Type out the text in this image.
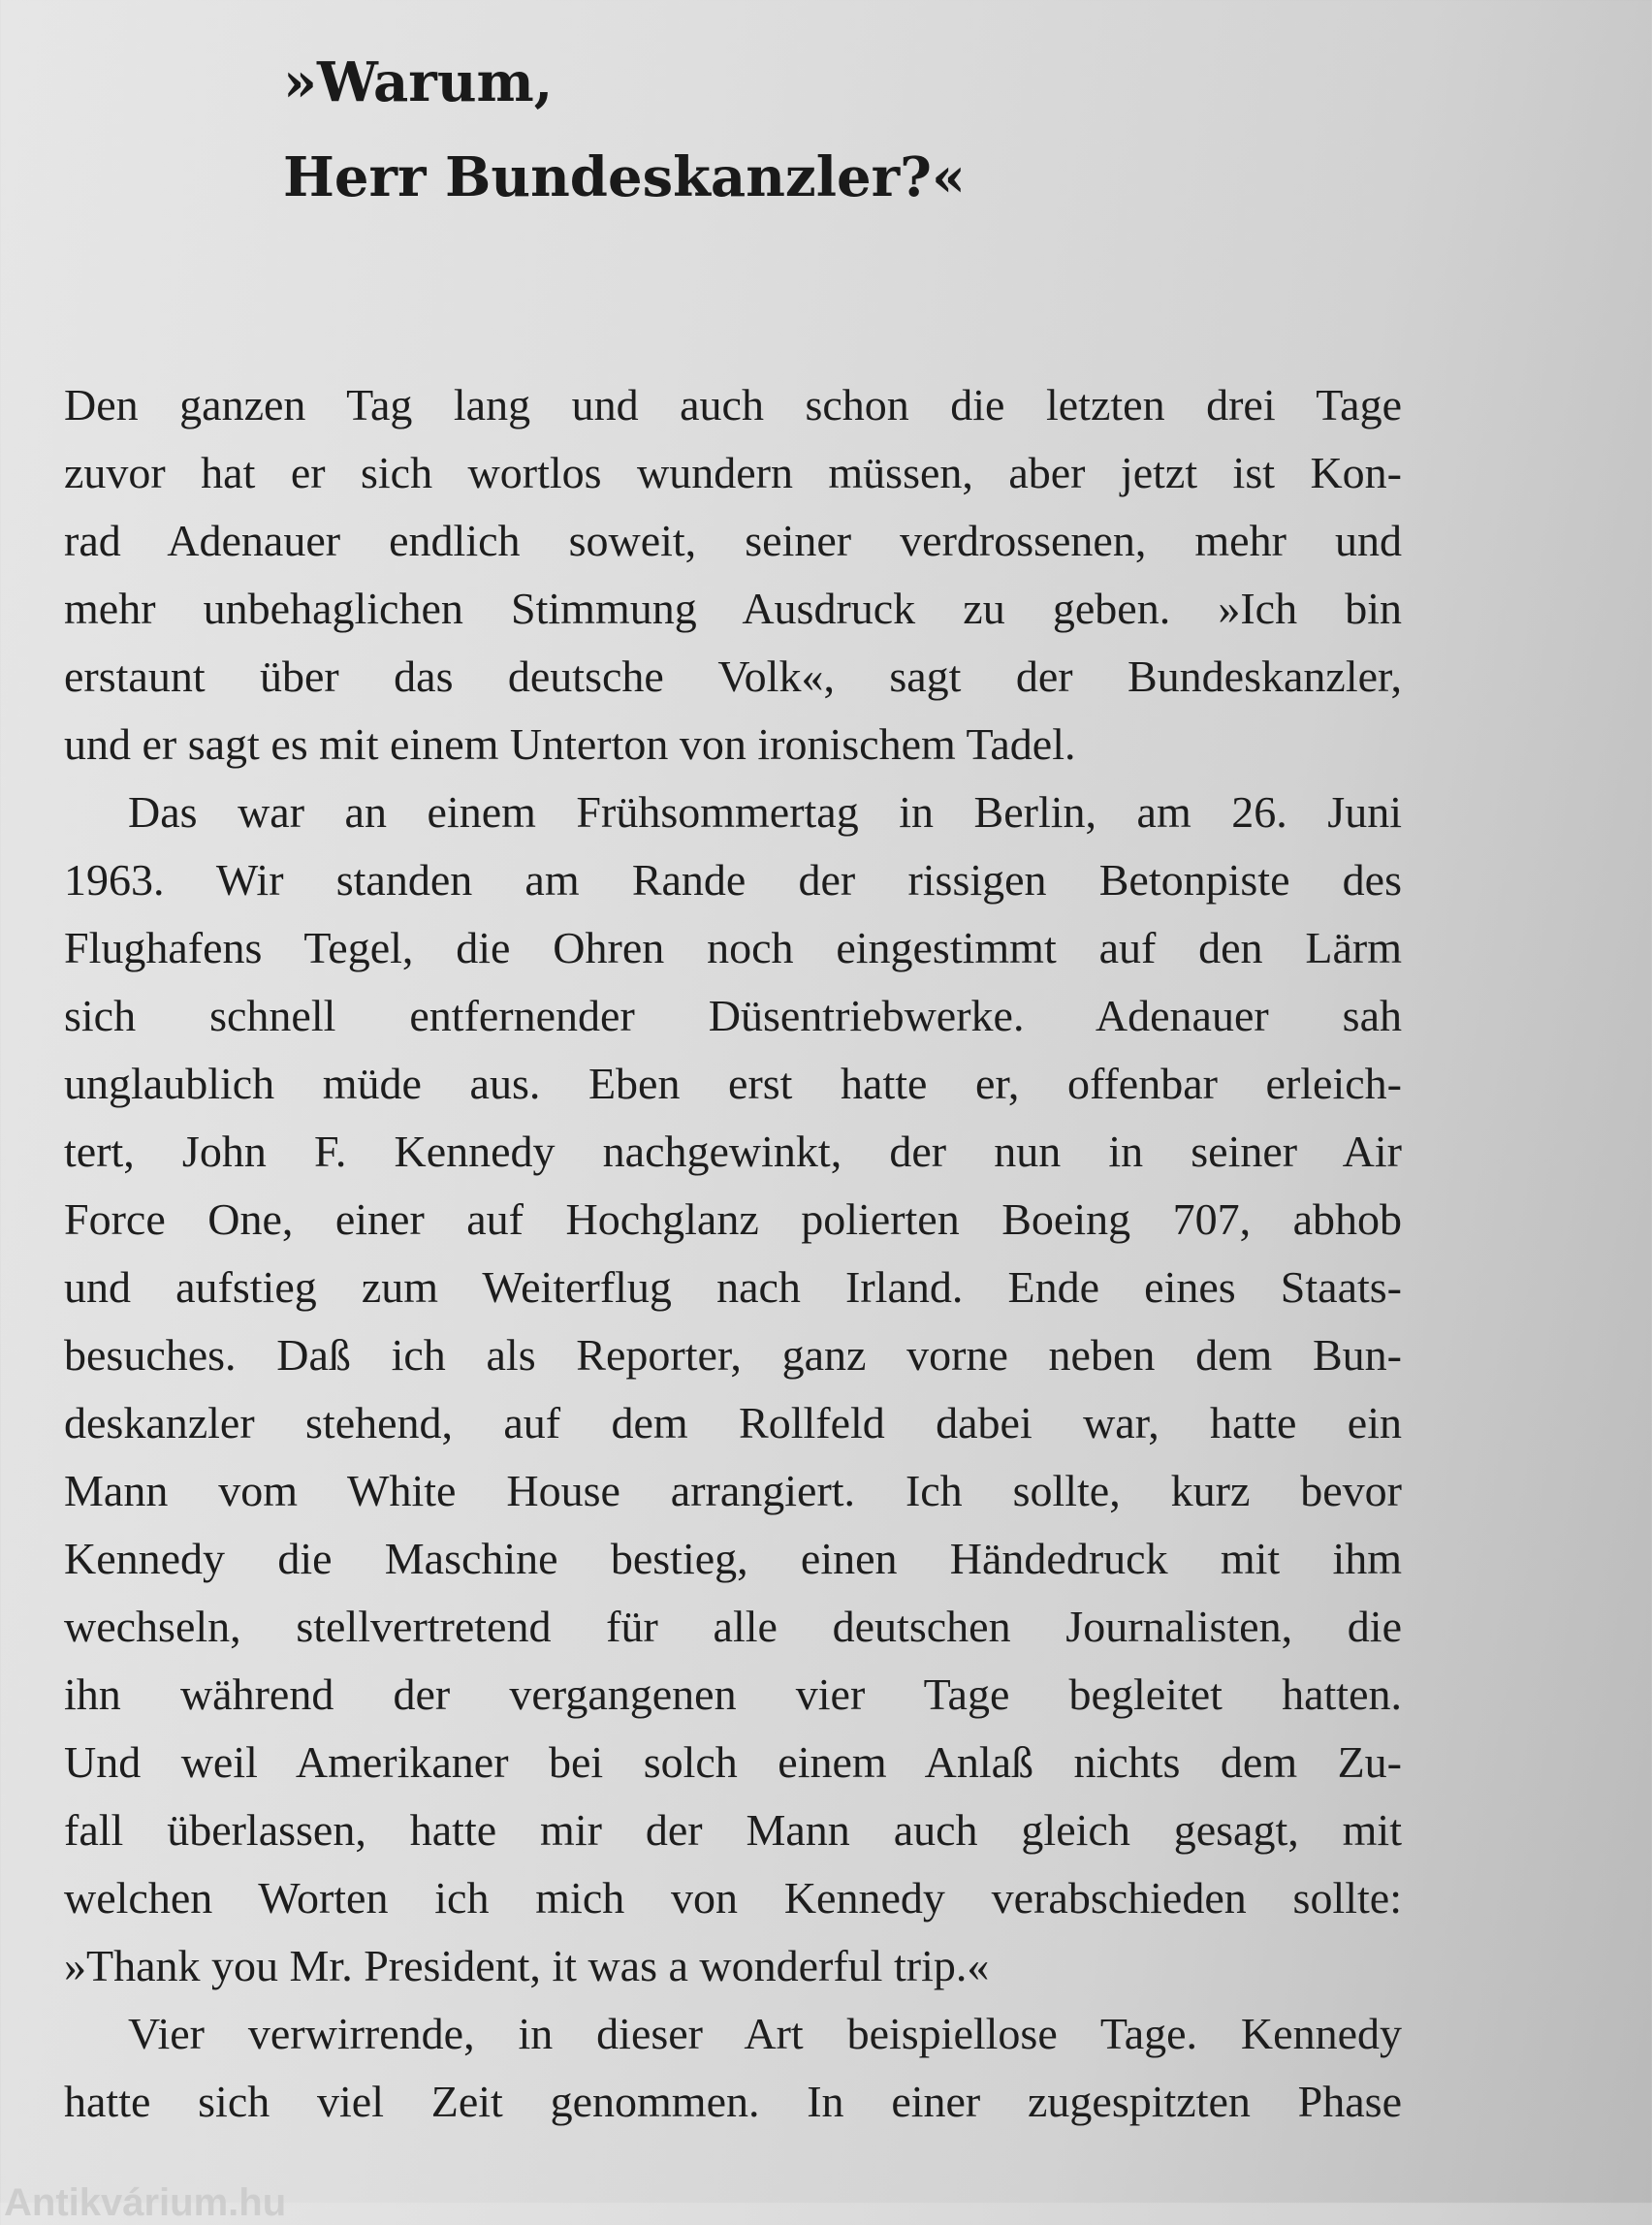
»Warum,
Herr Bundeskanzler?«

Den ganzen Tag lang und auch schon die letzten drei Tage
zuvor hat er sich wortlos wundern müssen, aber jetzt ist Kon-
rad Adenauer endlich soweit, seiner verdrossenen, mehr und
mehr unbehaglichen Stimmung Ausdruck zu geben. »Ich bin
erstaunt über das deutsche Volk«, sagt der Bundeskanzler,
und er sagt es mit einem Unterton von ironischem Tadel.

Das war an einem Frühsommertag in Berlin, am 26. Juni
1963. Wir standen am Rande der rissigen Betonpiste des
Flughafens Tegel, die Ohren noch eingestimmt auf den Lärm
sich schnell entfernender Düsentriebwerke. Adenauer sah
unglaublich müde aus. Eben erst hatte er, offenbar erleich-
tert, John F. Kennedy nachgewinkt, der nun in seiner Air
Force One, einer auf Hochglanz polierten Boeing 707, abhob
und aufstieg zum Weiterflug nach Irland. Ende eines Staats-
besuches. Daß ich als Reporter, ganz vorne neben dem Bun-
deskanzler stehend, auf dem Rollfeld dabei war, hatte ein
Mann vom White House arrangiert. Ich sollte, kurz bevor
Kennedy die Maschine bestieg, einen Händedruck mit ihm
wechseln, stellvertretend für alle deutschen Journalisten, die
ihn während der vergangenen vier Tage begleitet hatten.
Und weil Amerikaner bei solch einem Anlaß nichts dem Zu-
fall überlassen, hatte mir der Mann auch gleich gesagt, mit
welchen Worten ich mich von Kennedy verabschieden sollte:
»Thank you Mr. President, it was a wonderful trip.«

Vier verwirrende, in dieser Art beispiellose Tage. Kennedy
hatte sich viel Zeit genommen. In einer zugespitzten Phase

Antikvárium.hu
